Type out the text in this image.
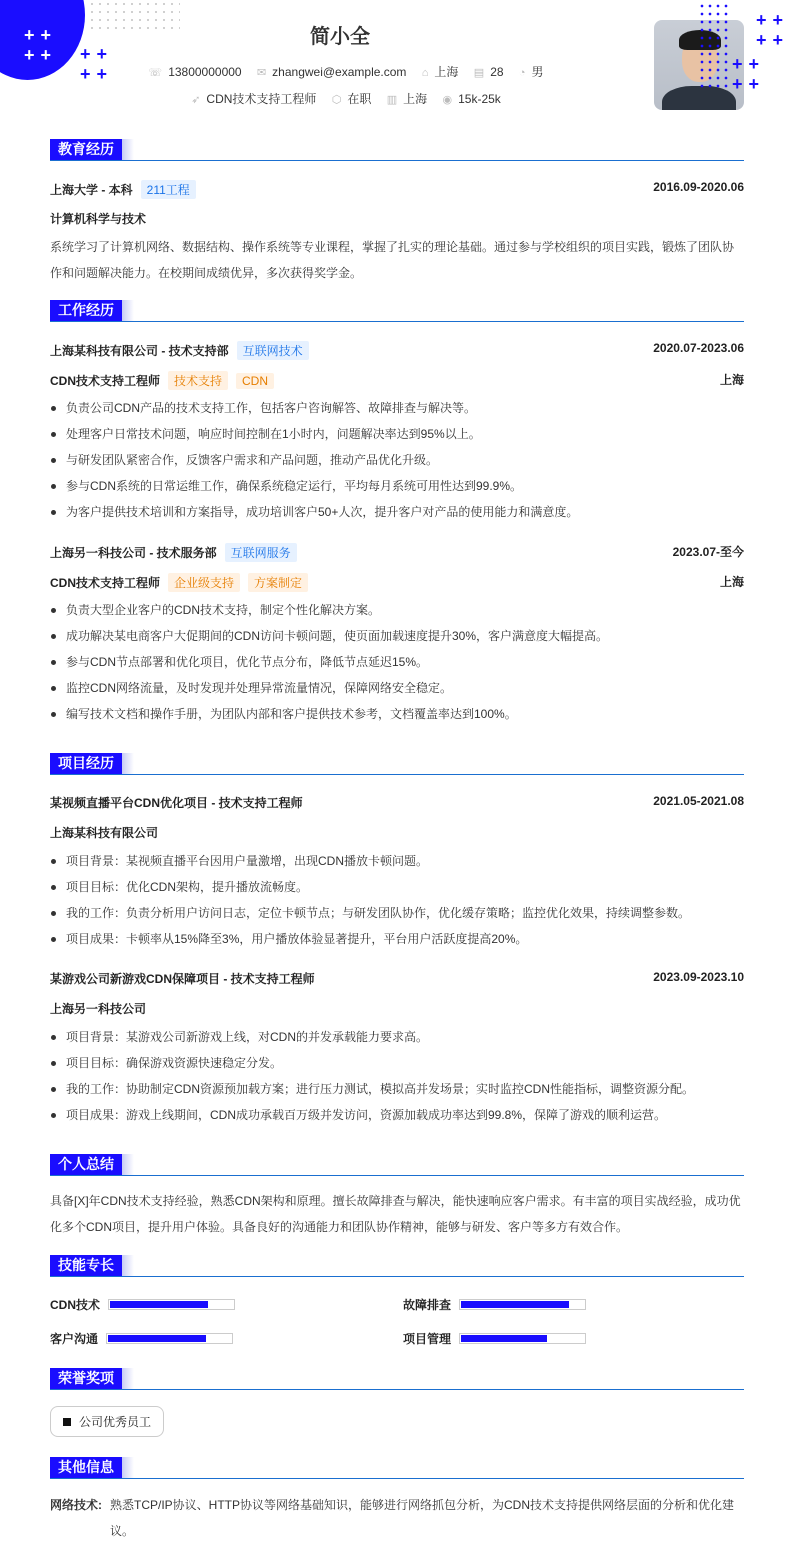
++
++ ++
++
简小全
☏ 13800000000 ✉ zhangwei@example.com ⌂ 上海 ▤ 28 ◔ 男
➶ CDN技术支持工程师 ⬡ 在职 ▥ 上海 ◉ 15k-25k
++
++
++
++
教育经历
上海大学 - 本科 211工程	2016.09-2020.06
计算机科学与技术
系统学习了计算机网络、数据结构、操作系统等专业课程，掌握了扎实的理论基础。通过参与学校组织的项目实践，锻炼了团队协作和问题解决能力。在校期间成绩优异，多次获得奖学金。
工作经历
上海某科技有限公司 - 技术支持部 互联网技术	2020.07-2023.06
CDN技术支持工程师 技术支持 CDN	上海
负责公司CDN产品的技术支持工作，包括客户咨询解答、故障排查与解决等。
处理客户日常技术问题，响应时间控制在1小时内，问题解决率达到95%以上。
与研发团队紧密合作，反馈客户需求和产品问题，推动产品优化升级。
参与CDN系统的日常运维工作，确保系统稳定运行，平均每月系统可用性达到99.9%。
为客户提供技术培训和方案指导，成功培训客户50+人次，提升客户对产品的使用能力和满意度。
上海另一科技公司 - 技术服务部 互联网服务	2023.07-至今
CDN技术支持工程师 企业级支持 方案制定	上海
负责大型企业客户的CDN技术支持，制定个性化解决方案。
成功解决某电商客户大促期间的CDN访问卡顿问题，使页面加载速度提升30%，客户满意度大幅提高。
参与CDN节点部署和优化项目，优化节点分布，降低节点延迟15%。
监控CDN网络流量，及时发现并处理异常流量情况，保障网络安全稳定。
编写技术文档和操作手册，为团队内部和客户提供技术参考，文档覆盖率达到100%。
项目经历
某视频直播平台CDN优化项目 - 技术支持工程师	2021.05-2021.08
上海某科技有限公司
项目背景：某视频直播平台因用户量激增，出现CDN播放卡顿问题。
项目目标：优化CDN架构，提升播放流畅度。
我的工作：负责分析用户访问日志，定位卡顿节点；与研发团队协作，优化缓存策略；监控优化效果，持续调整参数。
项目成果：卡顿率从15%降至3%，用户播放体验显著提升，平台用户活跃度提高20%。
某游戏公司新游戏CDN保障项目 - 技术支持工程师	2023.09-2023.10
上海另一科技公司
项目背景：某游戏公司新游戏上线，对CDN的并发承载能力要求高。
项目目标：确保游戏资源快速稳定分发。
我的工作：协助制定CDN资源预加载方案；进行压力测试，模拟高并发场景；实时监控CDN性能指标，调整资源分配。
项目成果：游戏上线期间，CDN成功承载百万级并发访问，资源加载成功率达到99.8%，保障了游戏的顺利运营。
个人总结
具备[X]年CDN技术支持经验，熟悉CDN架构和原理。擅长故障排查与解决，能快速响应客户需求。有丰富的项目实战经验，成功优化多个CDN项目，提升用户体验。具备良好的沟通能力和团队协作精神，能够与研发、客户等多方有效合作。
技能专长
CDN技术	故障排查
客户沟通	项目管理
荣誉奖项
公司优秀员工
其他信息
网络技术: 熟悉TCP/IP协议、HTTP协议等网络基础知识，能够进行网络抓包分析，为CDN技术支持提供网络层面的分析和优化建议。
